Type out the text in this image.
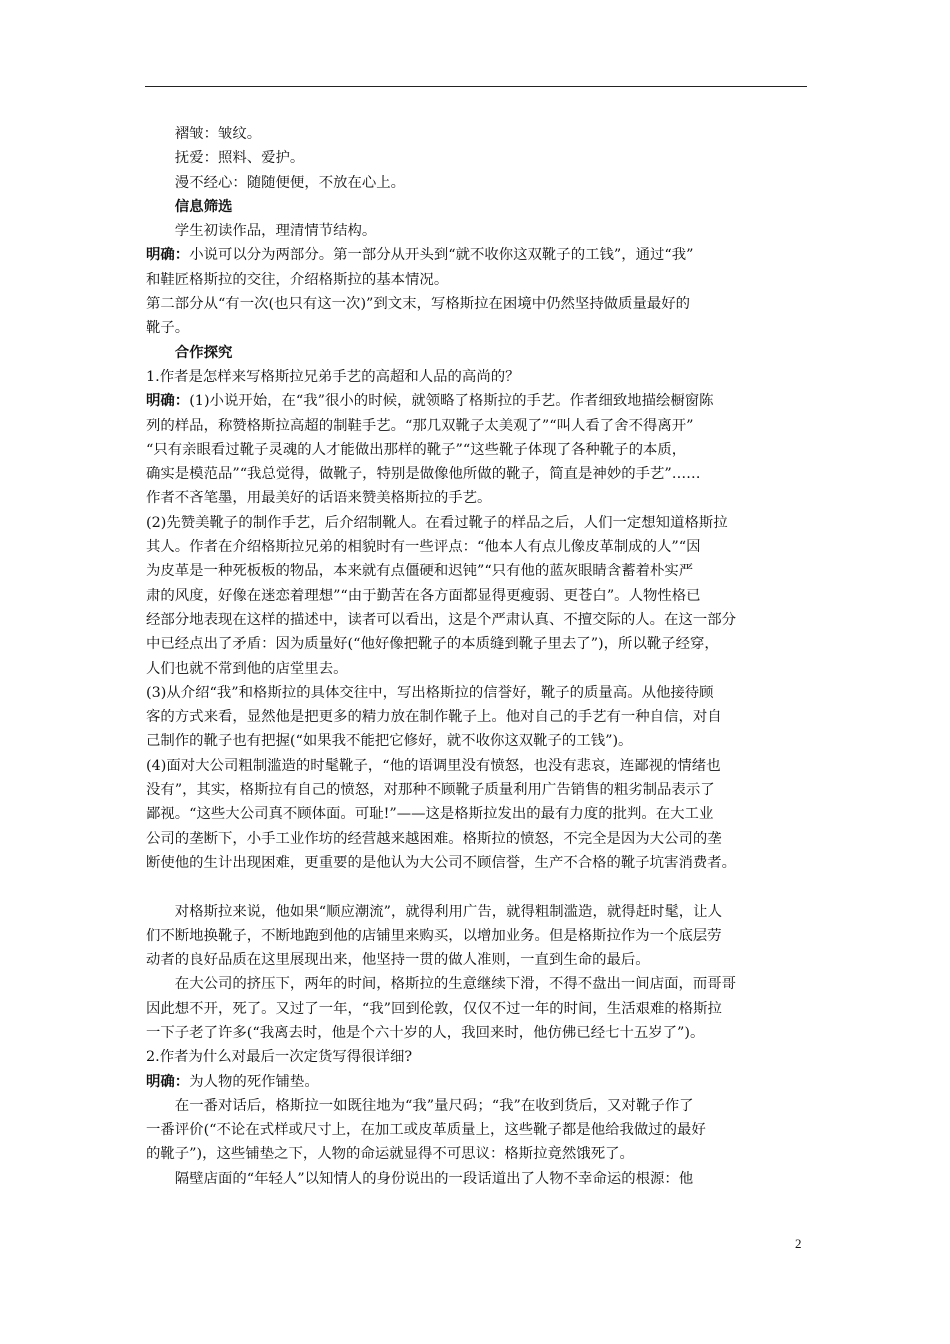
褶皱：皱纹。

抚爱：照料、爱护。

漫不经心：随随便便，不放在心上。

信息筛选

学生初读作品，理清情节结构。

明确：小说可以分为两部分。第一部分从开头到“就不收你这双靴子的工钱”，通过“我”

和鞋匠格斯拉的交往，介绍格斯拉的基本情况。

第二部分从“有一次(也只有这一次)”到文末，写格斯拉在困境中仍然坚持做质量最好的

靴子。

合作探究

1.作者是怎样来写格斯拉兄弟手艺的高超和人品的高尚的？

明确：(1)小说开始，在“我”很小的时候，就领略了格斯拉的手艺。作者细致地描绘橱窗陈

列的样品，称赞格斯拉高超的制鞋手艺。“那几双靴子太美观了”“叫人看了舍不得离开”

“只有亲眼看过靴子灵魂的人才能做出那样的靴子”“这些靴子体现了各种靴子的本质，

确实是模范品”“我总觉得，做靴子，特别是做像他所做的靴子，简直是神妙的手艺”……

作者不吝笔墨，用最美好的话语来赞美格斯拉的手艺。

(2)先赞美靴子的制作手艺，后介绍制靴人。在看过靴子的样品之后，人们一定想知道格斯拉

其人。作者在介绍格斯拉兄弟的相貌时有一些评点：“他本人有点儿像皮革制成的人”“因

为皮革是一种死板板的物品，本来就有点僵硬和迟钝”“只有他的蓝灰眼睛含蓄着朴实严

肃的风度，好像在迷恋着理想”“由于勤苦在各方面都显得更瘦弱、更苍白”。人物性格已

经部分地表现在这样的描述中，读者可以看出，这是个严肃认真、不擅交际的人。在这一部分

中已经点出了矛盾：因为质量好(“他好像把靴子的本质缝到靴子里去了”)，所以靴子经穿，

人们也就不常到他的店堂里去。

(3)从介绍“我”和格斯拉的具体交往中，写出格斯拉的信誉好，靴子的质量高。从他接待顾

客的方式来看，显然他是把更多的精力放在制作靴子上。他对自己的手艺有一种自信，对自

己制作的靴子也有把握(“如果我不能把它修好，就不收你这双靴子的工钱”)。

(4)面对大公司粗制滥造的时髦靴子，“他的语调里没有愤怒，也没有悲哀，连鄙视的情绪也

没有”，其实，格斯拉有自己的愤怒，对那种不顾靴子质量利用广告销售的粗劣制品表示了

鄙视。“这些大公司真不顾体面。可耻!”——这是格斯拉发出的最有力度的批判。在大工业

公司的垄断下，小手工业作坊的经营越来越困难。格斯拉的愤怒，不完全是因为大公司的垄

断使他的生计出现困难，更重要的是他认为大公司不顾信誉，生产不合格的靴子坑害消费者。

对格斯拉来说，他如果“顺应潮流”，就得利用广告，就得粗制滥造，就得赶时髦，让人

们不断地换靴子，不断地跑到他的店铺里来购买，以增加业务。但是格斯拉作为一个底层劳

动者的良好品质在这里展现出来，他坚持一贯的做人准则，一直到生命的最后。

在大公司的挤压下，两年的时间，格斯拉的生意继续下滑，不得不盘出一间店面，而哥哥

因此想不开，死了。又过了一年，“我”回到伦敦，仅仅不过一年的时间，生活艰难的格斯拉

一下子老了许多(“我离去时，他是个六十岁的人，我回来时，他仿佛已经七十五岁了”)。

2.作者为什么对最后一次定货写得很详细?

明确：为人物的死作铺垫。

在一番对话后，格斯拉一如既往地为“我”量尺码；“我”在收到货后，又对靴子作了

一番评价(“不论在式样或尺寸上，在加工或皮革质量上，这些靴子都是他给我做过的最好

的靴子”)，这些铺垫之下，人物的命运就显得不可思议：格斯拉竟然饿死了。

隔壁店面的“年轻人”以知情人的身份说出的一段话道出了人物不幸命运的根源：他

2
